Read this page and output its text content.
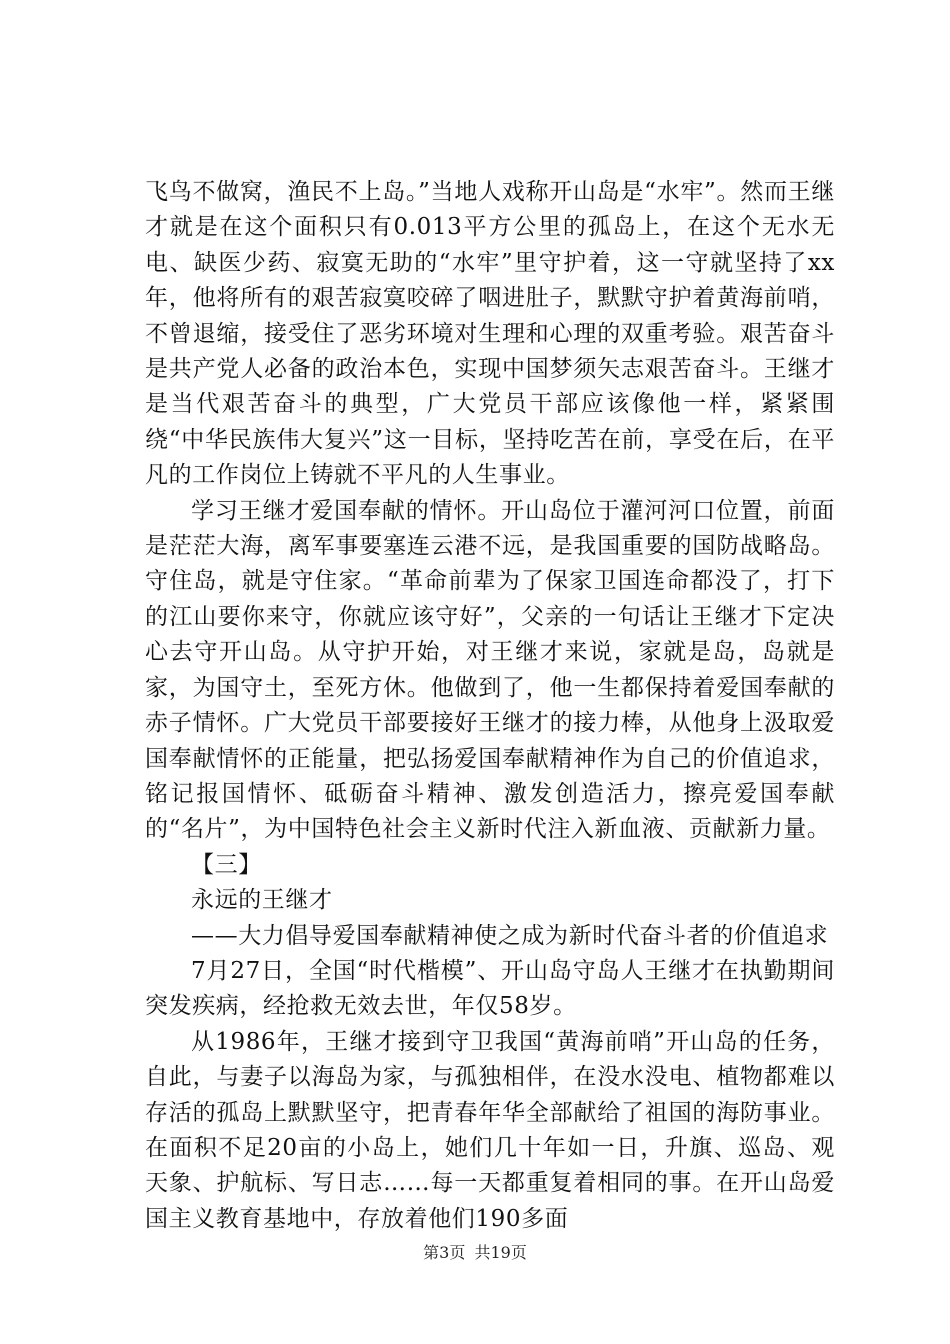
飞鸟不做窝，渔民不上岛。”当地人戏称开山岛是“水牢”。然而王继才就是在这个面积只有0.013平方公里的孤岛上，在这个无水无电、缺医少药、寂寞无助的“水牢”里守护着，这一守就坚持了xx年，他将所有的艰苦寂寞咬碎了咽进肚子，默默守护着黄海前哨，不曾退缩，接受住了恶劣环境对生理和心理的双重考验。艰苦奋斗是共产党人必备的政治本色，实现中国梦须矢志艰苦奋斗。王继才是当代艰苦奋斗的典型，广大党员干部应该像他一样，紧紧围绕“中华民族伟大复兴”这一目标，坚持吃苦在前，享受在后，在平凡的工作岗位上铸就不平凡的人生事业。

学习王继才爱国奉献的情怀。开山岛位于灌河河口位置，前面是茫茫大海，离军事要塞连云港不远，是我国重要的国防战略岛。守住岛，就是守住家。“革命前辈为了保家卫国连命都没了，打下的江山要你来守，你就应该守好”，父亲的一句话让王继才下定决心去守开山岛。从守护开始，对王继才来说，家就是岛，岛就是家，为国守土，至死方休。他做到了，他一生都保持着爱国奉献的赤子情怀。广大党员干部要接好王继才的接力棒，从他身上汲取爱国奉献情怀的正能量，把弘扬爱国奉献精神作为自己的价值追求，铭记报国情怀、砥砺奋斗精神、激发创造活力，擦亮爱国奉献的“名片”，为中国特色社会主义新时代注入新血液、贡献新力量。

【三】

永远的王继才

——大力倡导爱国奉献精神使之成为新时代奋斗者的价值追求

7月27日，全国“时代楷模”、开山岛守岛人王继才在执勤期间突发疾病，经抢救无效去世，年仅58岁。

从1986年，王继才接到守卫我国“黄海前哨”开山岛的任务，自此，与妻子以海岛为家，与孤独相伴，在没水没电、植物都难以存活的孤岛上默默坚守，把青春年华全部献给了祖国的海防事业。在面积不足20亩的小岛上，她们几十年如一日，升旗、巡岛、观天象、护航标、写日志……每一天都重复着相同的事。在开山岛爱国主义教育基地中，存放着他们190多面

第3页 共19页
